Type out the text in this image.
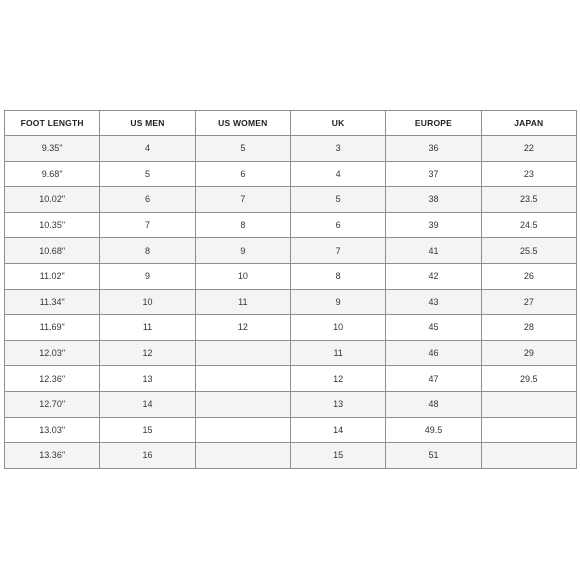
FOOT LENGTH	US MEN	US WOMEN	UK	EUROPE	JAPAN
9.35"	4	5	3	36	22
9.68"	5	6	4	37	23
10.02"	6	7	5	38	23.5
10.35"	7	8	6	39	24.5
10.68"	8	9	7	41	25.5
11.02"	9	10	8	42	26
11.34"	10	11	9	43	27
11.69"	11	12	10	45	28
12.03"	12		11	46	29
12.36"	13		12	47	29.5
12.70"	14		13	48	
13.03"	15		14	49.5	
13.36"	16		15	51	
